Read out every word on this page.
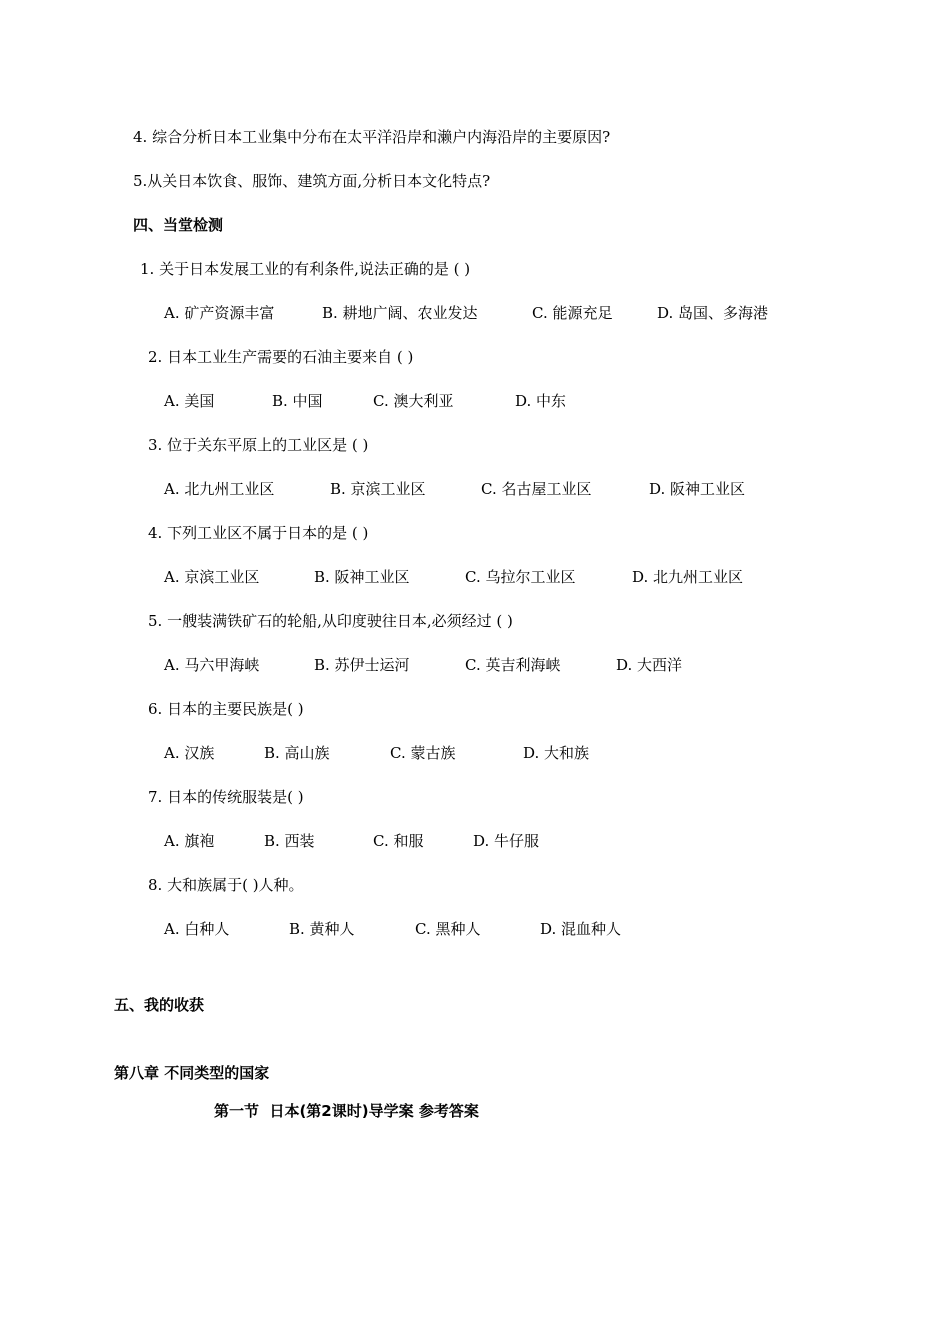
4. 综合分析日本工业集中分布在太平洋沿岸和濑户内海沿岸的主要原因?
5.从关日本饮食、服饰、建筑方面,分析日本文化特点?
四、当堂检测
1. 关于日本发展工业的有利条件,说法正确的是 ( )
A. 矿产资源丰富	B. 耕地广阔、农业发达	C. 能源充足	D. 岛国、多海港
2. 日本工业生产需要的石油主要来自 ( )
A. 美国	B. 中国	C. 澳大利亚	D. 中东
3. 位于关东平原上的工业区是 ( )
A. 北九州工业区	B. 京滨工业区	C. 名古屋工业区	D. 阪神工业区
4. 下列工业区不属于日本的是 ( )
A. 京滨工业区	B. 阪神工业区	C. 乌拉尔工业区	D. 北九州工业区
5. 一艘装满铁矿石的轮船,从印度驶往日本,必须经过 ( )
A. 马六甲海峡	B. 苏伊士运河	C. 英吉利海峡	D. 大西洋
6. 日本的主要民族是( )
A. 汉族	B. 高山族	C. 蒙古族	D. 大和族
7. 日本的传统服装是( )
A. 旗袍	B. 西装	C. 和服	D. 牛仔服
8. 大和族属于( )人种。
A. 白种人	B. 黄种人	C. 黑种人	D. 混血种人
五、我的收获
第八章 不同类型的国家
第一节  日本(第2课时)导学案 参考答案
